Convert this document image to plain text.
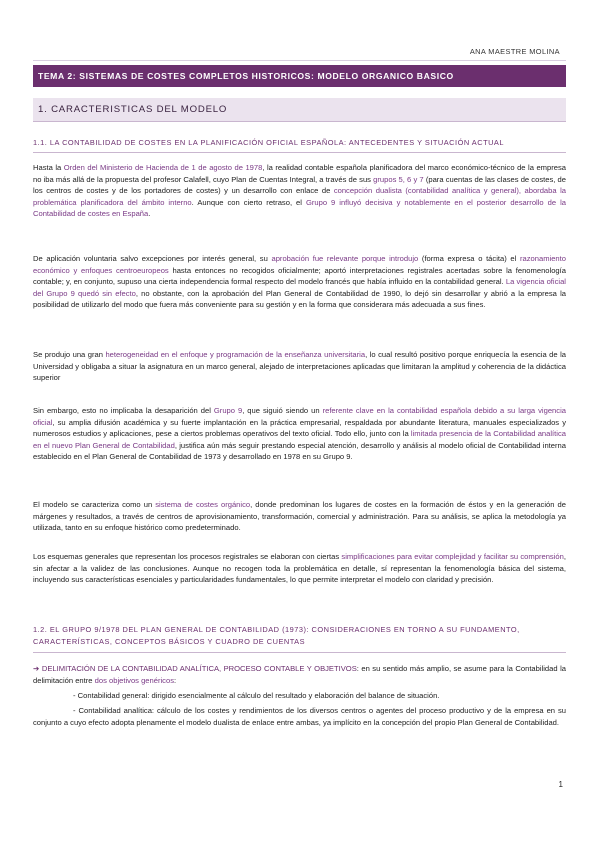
ANA MAESTRE MOLINA
TEMA 2: SISTEMAS DE COSTES COMPLETOS HISTORICOS: MODELO ORGANICO BASICO
1. CARACTERISTICAS DEL MODELO
1.1. LA CONTABILIDAD DE COSTES EN LA PLANIFICACIÓN OFICIAL ESPAÑOLA: ANTECEDENTES Y SITUACIÓN ACTUAL
Hasta la Orden del Ministerio de Hacienda de 1 de agosto de 1978, la realidad contable española planificadora del marco económico-técnico de la empresa no iba más allá de la propuesta del profesor Calafell, cuyo Plan de Cuentas Integral, a través de sus grupos 5, 6 y 7 (para cuentas de las clases de costes, de los centros de costes y de los portadores de costes) y un desarrollo con enlace de concepción dualista (contabilidad analítica y general), abordaba la problemática planificadora del ámbito interno. Aunque con cierto retraso, el Grupo 9 influyó decisiva y notablemente en el posterior desarrollo de la Contabilidad de costes en España.
De aplicación voluntaria salvo excepciones por interés general, su aprobación fue relevante porque introdujo (forma expresa o tácita) el razonamiento económico y enfoques centroeuropeos hasta entonces no recogidos oficialmente; aportó interpretaciones registrales acertadas sobre la fenomenología contable; y, en conjunto, supuso una cierta independencia formal respecto del modelo francés que había influido en la contabilidad general. La vigencia oficial del Grupo 9 quedó sin efecto, no obstante, con la aprobación del Plan General de Contabilidad de 1990, lo dejó sin desarrollar y abrió a la empresa la posibilidad de utilizarlo del modo que fuera más conveniente para su gestión y en la forma que considerara más adecuada a sus fines.
Se produjo una gran heterogeneidad en el enfoque y programación de la enseñanza universitaria, lo cual resultó positivo porque enriquecía la esencia de la Universidad y obligaba a situar la asignatura en un marco general, alejado de interpretaciones aplicadas que limitaran la amplitud y coherencia de la didáctica superior
Sin embargo, esto no implicaba la desaparición del Grupo 9, que siguió siendo un referente clave en la contabilidad española debido a su larga vigencia oficial, su amplia difusión académica y su fuerte implantación en la práctica empresarial, respaldada por abundante literatura, manuales especializados y numerosos estudios y aplicaciones, pese a ciertos problemas operativos del texto oficial. Todo ello, junto con la limitada presencia de la Contabilidad analítica en el nuevo Plan General de Contabilidad, justifica aún más seguir prestando especial atención, desarrollo y análisis al modelo oficial de Contabilidad interna establecido en el Plan General de Contabilidad de 1973 y desarrollado en 1978 en su Grupo 9.
El modelo se caracteriza como un sistema de costes orgánico, donde predominan los lugares de costes en la formación de éstos y en la generación de márgenes y resultados, a través de centros de aprovisionamiento, transformación, comercial y administración. Para su análisis, se aplica la metodología ya utilizada, tanto en su enfoque histórico como predeterminado.
Los esquemas generales que representan los procesos registrales se elaboran con ciertas simplificaciones para evitar complejidad y facilitar su comprensión, sin afectar a la validez de las conclusiones. Aunque no recogen toda la problemática en detalle, sí representan la fenomenología básica del sistema, incluyendo sus características esenciales y particularidades fundamentales, lo que permite interpretar el modelo con claridad y precisión.
1.2. EL GRUPO 9/1978 DEL PLAN GENERAL DE CONTABILIDAD (1973): CONSIDERACIONES EN TORNO A SU FUNDAMENTO, CARACTERÍSTICAS, CONCEPTOS BÁSICOS Y CUADRO DE CUENTAS
➔ DELIMITACIÓN DE LA CONTABILIDAD ANALÍTICA, PROCESO CONTABLE Y OBJETIVOS: en su sentido más amplio, se asume para la Contabilidad la delimitación entre dos objetivos genéricos:
- Contabilidad general: dirigido esencialmente al cálculo del resultado y elaboración del balance de situación.
- Contabilidad analítica: cálculo de los costes y rendimientos de los diversos centros o agentes del proceso productivo y de la empresa en su conjunto a cuyo efecto adopta plenamente el modelo dualista de enlace entre ambas, ya implícito en la concepción del propio Plan General de Contabilidad.
1
